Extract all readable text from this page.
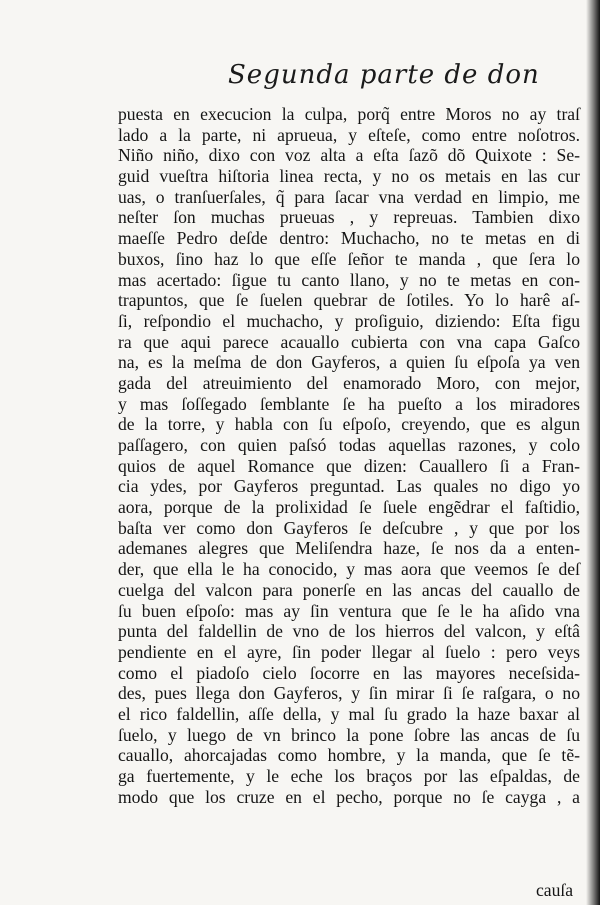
Segunda parte de don
puesta en execucion la culpa, porq̃ entre Moros no ay traſ
lado a la parte, ni aprueua, y eſteſe, como entre noſotros.
Niño niño, dixo con voz alta a eſta ſazõ dõ Quixote : Se-
guid vueſtra hiſtoria linea recta, y no os metais en las cur
uas, o tranſuerſales, q̃ para ſacar vna verdad en limpio, me
neſter ſon muchas prueuas , y repreuas. Tambien dixo
maeſſe Pedro deſde dentro: Muchacho, no te metas en di
buxos, ſino haz lo que eſſe ſeñor te manda , que ſera lo
mas acertado: ſigue tu canto llano, y no te metas en con-
trapuntos, que ſe ſuelen quebrar de ſotiles. Yo lo harê aſ-
ſi, reſpondio el muchacho, y proſiguio, diziendo: Eſta figu
ra que aqui parece acauallo cubierta con vna capa Gaſco
na, es la meſma de don Gayferos, a quien ſu eſpoſa ya ven
gada del atreuimiento del enamorado Moro, con mejor,
y mas ſoſſegado ſemblante ſe ha pueſto a los miradores
de la torre, y habla con ſu eſpoſo, creyendo, que es algun
paſſagero, con quien paſsó todas aquellas razones, y colo
quios de aquel Romance que dizen: Cauallero ſi a Fran-
cia ydes, por Gayferos preguntad. Las quales no digo yo
aora, porque de la prolixidad ſe ſuele engẽdrar el faſtidio,
baſta ver como don Gayferos ſe deſcubre , y que por los
ademanes alegres que Meliſendra haze, ſe nos da a enten-
der, que ella le ha conocido, y mas aora que veemos ſe deſ
cuelga del valcon para ponerſe en las ancas del cauallo de
ſu buen eſpoſo: mas ay ſin ventura que ſe le ha aſido vna
punta del faldellin de vno de los hierros del valcon, y eſtâ
pendiente en el ayre, ſin poder llegar al ſuelo : pero veys
como el piadoſo cielo ſocorre en las mayores neceſsida-
des, pues llega don Gayferos, y ſin mirar ſi ſe raſgara, o no
el rico faldellin, aſſe della, y mal ſu grado la haze baxar al
ſuelo, y luego de vn brinco la pone ſobre las ancas de ſu
cauallo, ahorcajadas como hombre, y la manda, que ſe tẽ-
ga fuertemente, y le eche los braços por las eſpaldas, de
modo que los cruze en el pecho, porque no ſe cayga , a
cauſa
